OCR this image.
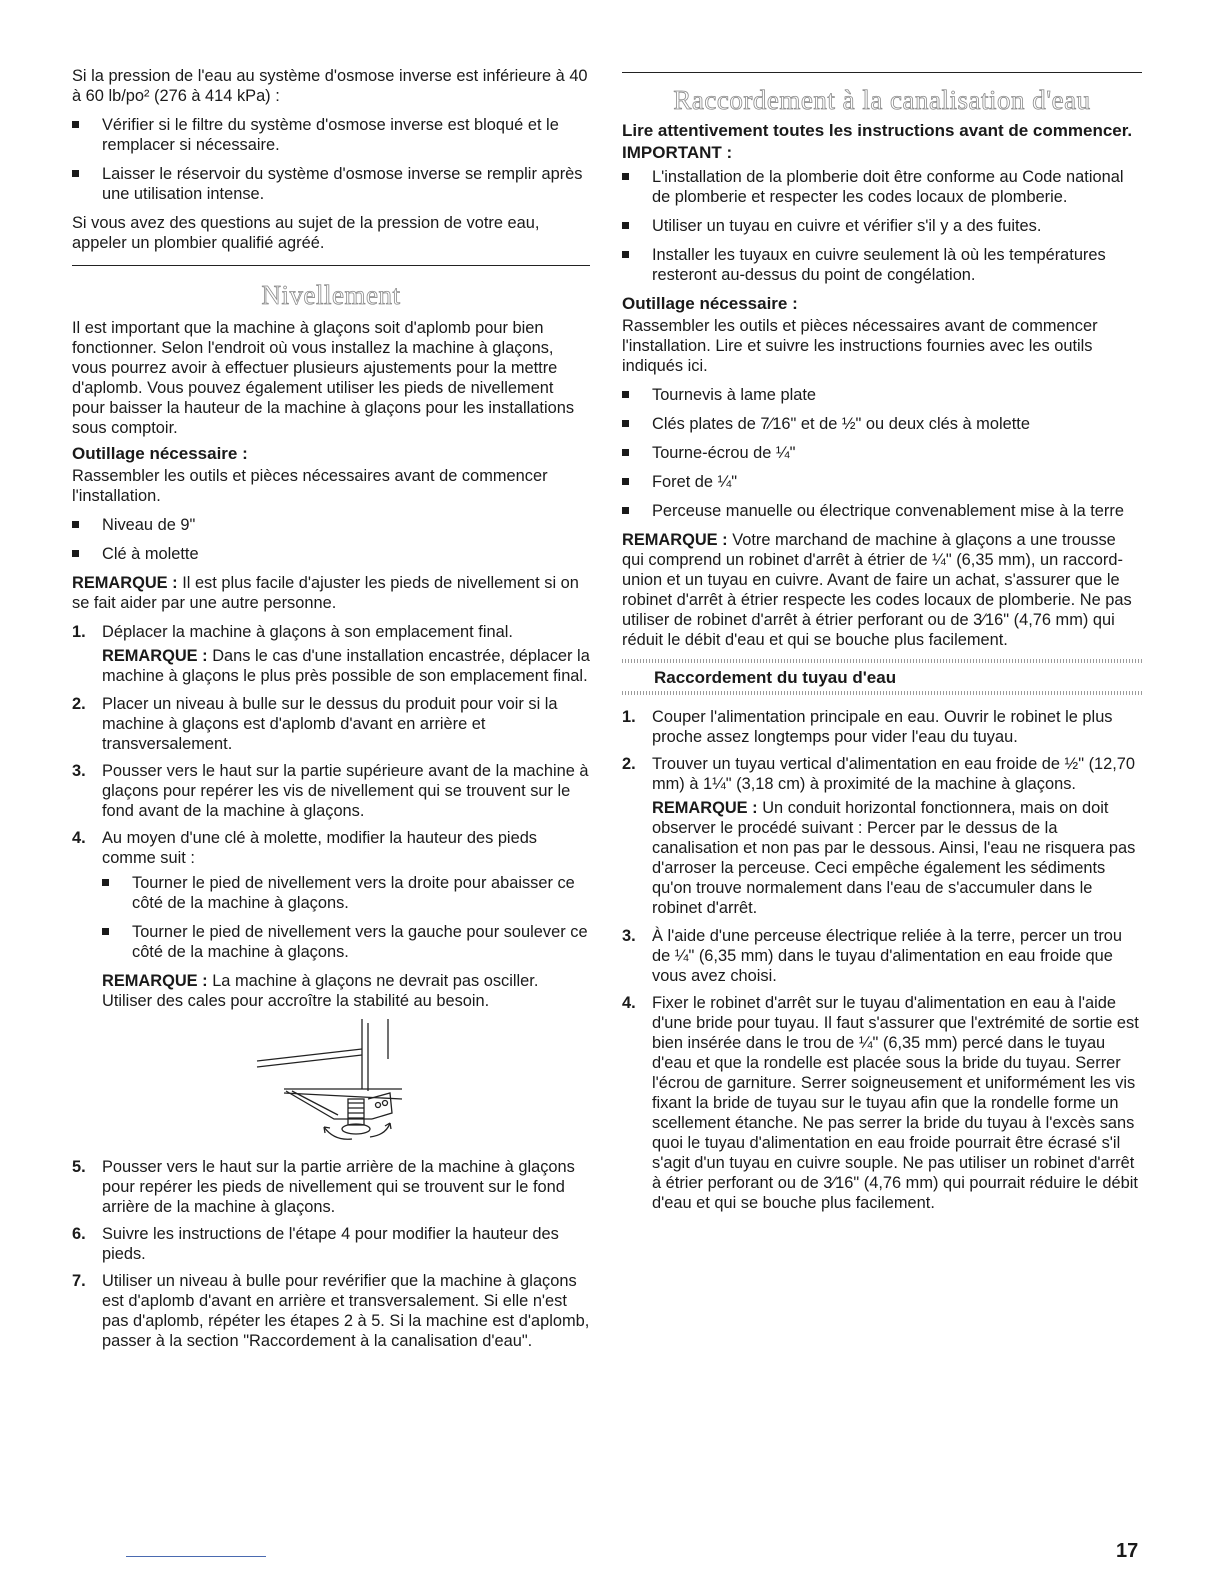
Si la pression de l'eau au système d'osmose inverse est inférieure à 40 à 60 lb/po² (276 à 414 kPa) :

Vérifier si le filtre du système d'osmose inverse est bloqué et le remplacer si nécessaire.
Laisser le réservoir du système d'osmose inverse se remplir après une utilisation intense.

Si vous avez des questions au sujet de la pression de votre eau, appeler un plombier qualifié agréé.

Nivellement

Il est important que la machine à glaçons soit d'aplomb pour bien fonctionner. Selon l'endroit où vous installez la machine à glaçons, vous pourrez avoir à effectuer plusieurs ajustements pour la mettre d'aplomb. Vous pouvez également utiliser les pieds de nivellement pour baisser la hauteur de la machine à glaçons pour les installations sous comptoir.

Outillage nécessaire :

Rassembler les outils et pièces nécessaires avant de commencer l'installation.

Niveau de 9"
Clé à molette

REMARQUE : Il est plus facile d'ajuster les pieds de nivellement si on se fait aider par une autre personne.

1. Déplacer la machine à glaçons à son emplacement final.
REMARQUE : Dans le cas d'une installation encastrée, déplacer la machine à glaçons le plus près possible de son emplacement final.
2. Placer un niveau à bulle sur le dessus du produit pour voir si la machine à glaçons est d'aplomb d'avant en arrière et transversalement.
3. Pousser vers le haut sur la partie supérieure avant de la machine à glaçons pour repérer les vis de nivellement qui se trouvent sur le fond avant de la machine à glaçons.
4. Au moyen d'une clé à molette, modifier la hauteur des pieds comme suit :
Tourner le pied de nivellement vers la droite pour abaisser ce côté de la machine à glaçons.
Tourner le pied de nivellement vers la gauche pour soulever ce côté de la machine à glaçons.
REMARQUE : La machine à glaçons ne devrait pas osciller. Utiliser des cales pour accroître la stabilité au besoin.
5. Pousser vers le haut sur la partie arrière de la machine à glaçons pour repérer les pieds de nivellement qui se trouvent sur le fond arrière de la machine à glaçons.
6. Suivre les instructions de l'étape 4 pour modifier la hauteur des pieds.
7. Utiliser un niveau à bulle pour revérifier que la machine à glaçons est d'aplomb d'avant en arrière et transversalement. Si elle n'est pas d'aplomb, répéter les étapes 2 à 5. Si la machine est d'aplomb, passer à la section "Raccordement à la canalisation d'eau".
Raccordement à la canalisation d'eau
Lire attentivement toutes les instructions avant de commencer.
IMPORTANT :
L'installation de la plomberie doit être conforme au Code national de plomberie et respecter les codes locaux de plomberie.
Utiliser un tuyau en cuivre et vérifier s'il y a des fuites.
Installer les tuyaux en cuivre seulement là où les températures resteront au-dessus du point de congélation.
Outillage nécessaire :

Rassembler les outils et pièces nécessaires avant de commencer l'installation. Lire et suivre les instructions fournies avec les outils indiqués ici.

Tournevis à lame plate
Clés plates de 7⁄16" et de ½" ou deux clés à molette
Tourne-écrou de ¼"
Foret de ¼"
Perceuse manuelle ou électrique convenablement mise à la terre

REMARQUE : Votre marchand de machine à glaçons a une trousse qui comprend un robinet d'arrêt à étrier de ¼" (6,35 mm), un raccord-union et un tuyau en cuivre. Avant de faire un achat, s'assurer que le robinet d'arrêt à étrier respecte les codes locaux de plomberie. Ne pas utiliser de robinet d'arrêt à étrier perforant ou de 3⁄16" (4,76 mm) qui réduit le débit d'eau et qui se bouche plus facilement.

Raccordement du tuyau d'eau
1. Couper l'alimentation principale en eau. Ouvrir le robinet le plus proche assez longtemps pour vider l'eau du tuyau.
2. Trouver un tuyau vertical d'alimentation en eau froide de ½" (12,70 mm) à 1¼" (3,18 cm) à proximité de la machine à glaçons.
REMARQUE : Un conduit horizontal fonctionnera, mais on doit observer le procédé suivant : Percer par le dessus de la canalisation et non pas par le dessous. Ainsi, l'eau ne risquera pas d'arroser la perceuse. Ceci empêche également les sédiments qu'on trouve normalement dans l'eau de s'accumuler dans le robinet d'arrêt.
3. À l'aide d'une perceuse électrique reliée à la terre, percer un trou de ¼" (6,35 mm) dans le tuyau d'alimentation en eau froide que vous avez choisi.
4. Fixer le robinet d'arrêt sur le tuyau d'alimentation en eau à l'aide d'une bride pour tuyau. Il faut s'assurer que l'extrémité de sortie est bien insérée dans le trou de ¼" (6,35 mm) percé dans le tuyau d'eau et que la rondelle est placée sous la bride du tuyau. Serrer l'écrou de garniture. Serrer soigneusement et uniformément les vis fixant la bride de tuyau sur le tuyau afin que la rondelle forme un scellement étanche. Ne pas serrer la bride du tuyau à l'excès sans quoi le tuyau d'alimentation en eau froide pourrait être écrasé s'il s'agit d'un tuyau en cuivre souple. Ne pas utiliser un robinet d'arrêt à étrier perforant ou de 3⁄16" (4,76 mm) qui pourrait réduire le débit d'eau et qui se bouche plus facilement.
17
